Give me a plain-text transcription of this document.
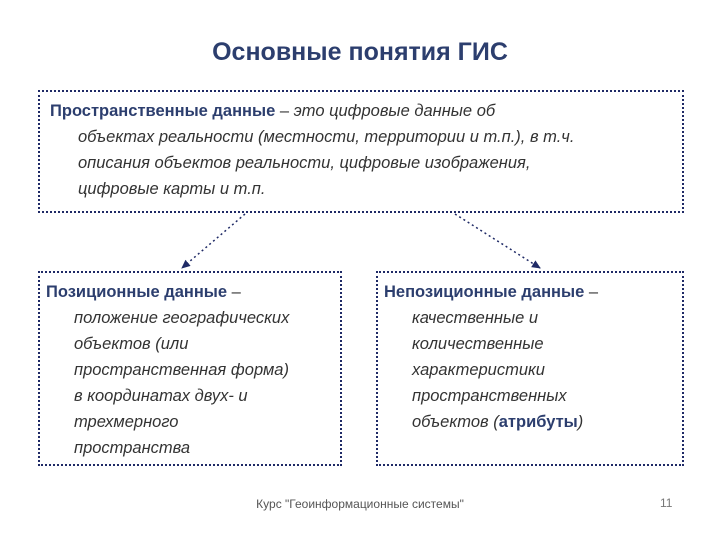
Основные понятия ГИС
Пространственные данные – это цифровые данные об
объектах реальности (местности, территории и т.п.), в т.ч.
описания объектов реальности, цифровые изображения,
цифровые карты и т.п.
Позиционные данные –
положение географических
объектов (или
пространственная форма)
в координатах двух- и
трехмерного
пространства
Непозиционные данные –
качественные и
количественные
характеристики
пространственных
объектов (атрибуты)
Курс "Геоинформационные системы"	11
